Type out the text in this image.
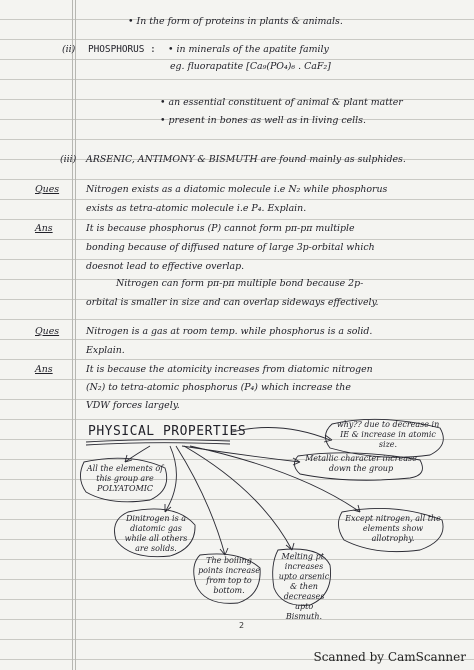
• In the form of proteins in plants & animals.
(ii) PHOSPHORUS : • in minerals of the apatite family
eg. fluorapatite [Ca₉(PO₄)₆ . CaF₂]
• an essential constituent of animal & plant matter
• present in bones as well as in living cells.
(iii) ARSENIC, ANTIMONY & BISMUTH are found mainly as sulphides.
Ques	Nitrogen exists as a diatomic molecule i.e N₂ while phosphorus
exists as tetra-atomic molecule i.e P₄. Explain.
Ans	It is because phosphorus (P) cannot form pπ-pπ multiple
bonding because of diffused nature of large 3p-orbital which
doesnot lead to effective overlap.
Nitrogen can form pπ-pπ multiple bond because 2p-
orbital is smaller in size and can overlap sideways effectively.
Ques	Nitrogen is a gas at room temp. while phosphorus is a solid.
Explain.
Ans	It is because the atomicity increases from diatomic nitrogen
(N₂) to tetra-atomic phosphorus (P₄) which increase the
VDW forces largely.
PHYSICAL PROPERTIES	why?? due to decrease in IE & increase in atomic size.
Metallic character increase down the group
All the elements of this group are POLYATOMIC
Dinitrogen is a diatomic gas while all others are solids.
Except nitrogen, all the elements show allotrophy.
The boiling points increase from top to bottom.
Melting pt. increases upto arsenic & then decreases upto Bismuth.
2
Scanned by CamScanner
